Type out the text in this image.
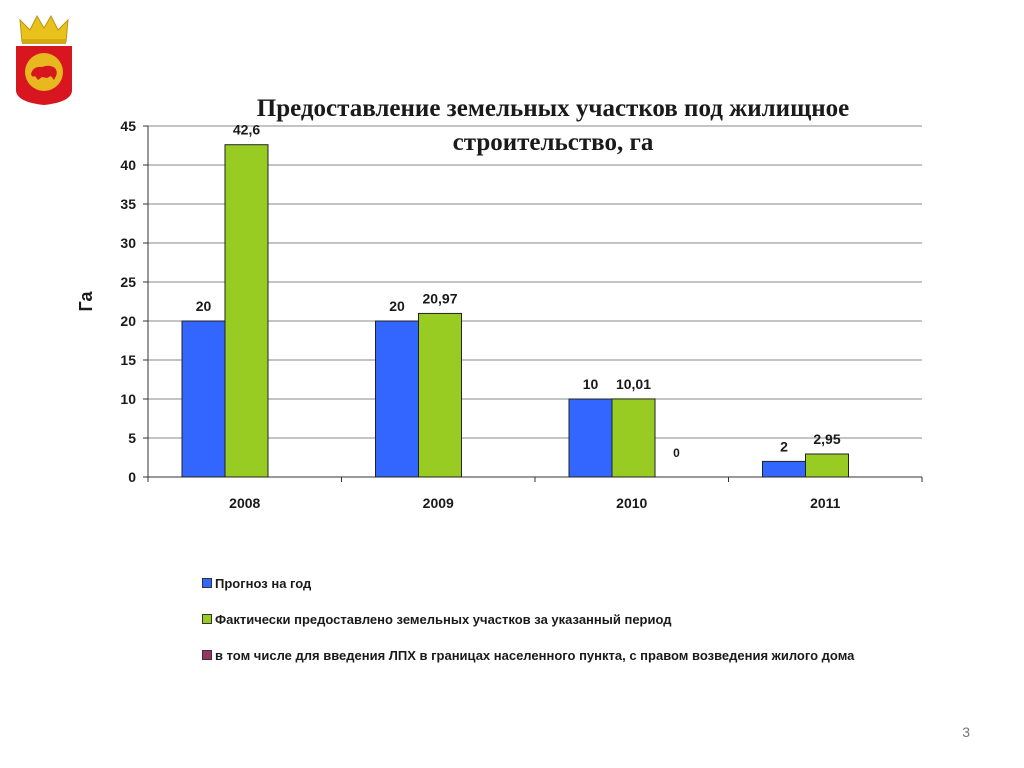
Предоставление земельных участков под жилищное строительство, га
0
5
10
15
20
25
30
35
40
45
Га	20
42,6
2008
20 20,97
2009
10 10,01
0
2010
2 2,95
2011
Прогноз на год
Фактически предоставлено земельных участков за указанный период
в том числе для введения ЛПХ в границах населенного пункта, с правом возведения жилого дома
3
